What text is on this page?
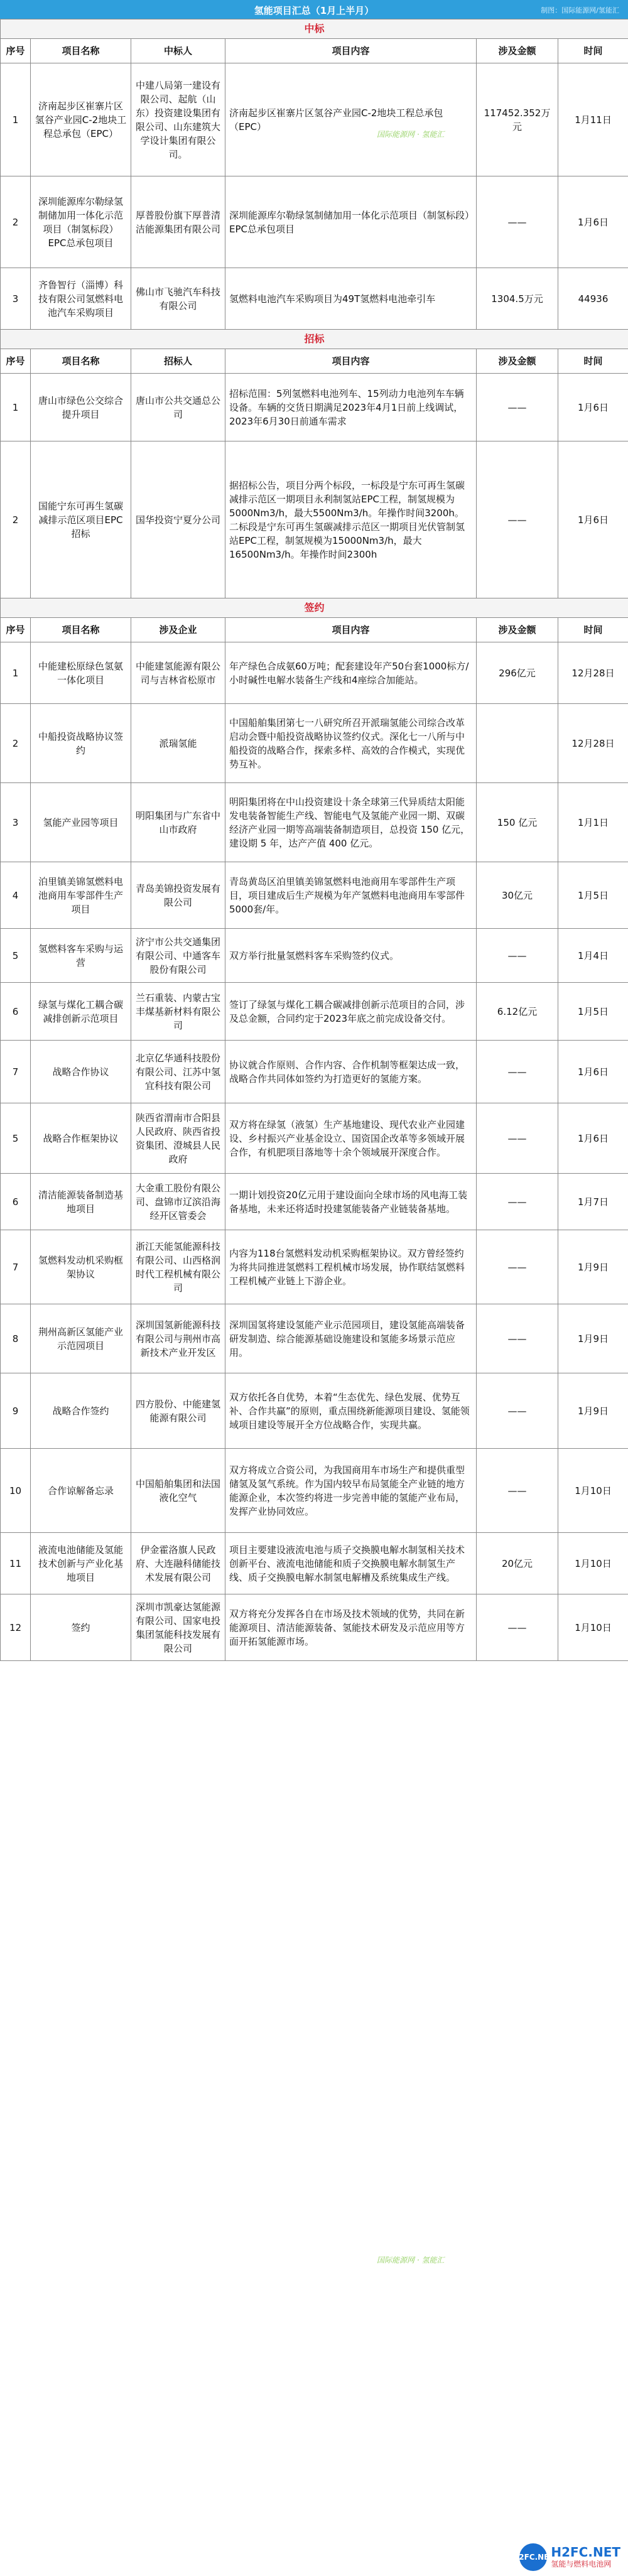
氢能项目汇总（1月上半月）	制图：国际能源网/氢能汇
中标					
序号	项目名称	中标人	项目内容	涉及金额	时间
1	济南起步区崔寨片区氢谷产业园C-2地块工程总承包（EPC）	中建八局第一建设有限公司、起航（山东）投资建设集团有限公司、山东建筑大学设计集团有限公司。	济南起步区崔寨片区氢谷产业园C-2地块工程总承包（EPC）	117452.352万元	1月11日
2	深圳能源库尔勒绿氢制储加用一体化示范项目（制氢标段）EPC总承包项目	厚普股份旗下厚普清洁能源集团有限公司	深圳能源库尔勒绿氢制储加用一体化示范项目（制氢标段）EPC总承包项目	——	1月6日
3	齐鲁智行（淄博）科技有限公司氢燃料电池汽车采购项目	佛山市飞驰汽车科技有限公司	氢燃料电池汽车采购项目为49T氢燃料电池牵引车	1304.5万元	44936
招标					
序号	项目名称	招标人	项目内容	涉及金额	时间
1	唐山市绿色公交综合提升项目	唐山市公共交通总公司	招标范围：5列氢燃料电池列车、15列动力电池列车车辆设备。车辆的交货日期满足2023年4月1日前上线调试，2023年6月30日前通车需求	——	1月6日
2	国能宁东可再生氢碳减排示范区项目EPC招标	国华投资宁夏分公司	据招标公告，项目分两个标段，一标段是宁东可再生氢碳减排示范区一期项目永利制氢站EPC工程，制氢规模为5000Nm3/h，最大5500Nm3/h。年操作时间3200h。二标段是宁东可再生氢碳减排示范区一期项目光伏管制氢站EPC工程，制氢规模为15000Nm3/h，最大16500Nm3/h。年操作时间2300h	——	1月6日
签约					
序号	项目名称	涉及企业	项目内容	涉及金额	时间
1	中能建松原绿色氢氨一体化项目	中能建氢能源有限公司与吉林省松原市	年产绿色合成氨60万吨；配套建设年产50台套1000标方/小时碱性电解水装备生产线和4座综合加能站。	296亿元	12月28日
2	中船投资战略协议签约	派瑞氢能	中国船舶集团第七一八研究所召开派瑞氢能公司综合改革启动会暨中船投资战略协议签约仪式。深化七一八所与中船投资的战略合作，探索多样、高效的合作模式，实现优势互补。		12月28日
3	氢能产业园等项目	明阳集团与广东省中山市政府	明阳集团将在中山投资建设十条全球第三代异质结太阳能发电装备智能生产线、智能电气及氢能产业园一期、双碳经济产业园一期等高端装备制造项目，总投资 150 亿元，建设期 5 年，达产产值 400 亿元。	150 亿元	1月1日
4	泊里镇美锦氢燃料电池商用车零部件生产项目	青岛美锦投资发展有限公司	青岛黄岛区泊里镇美锦氢燃料电池商用车零部件生产项目，项目建成后生产规模为年产氢燃料电池商用车零部件5000套/年。	30亿元	1月5日
5	氢燃料客车采购与运营	济宁市公共交通集团有限公司、中通客车股份有限公司	双方举行批量氢燃料客车采购签约仪式。	——	1月4日
6	绿氢与煤化工耦合碳减排创新示范项目	兰石重装、内蒙古宝丰煤基新材料有限公司	签订了绿氢与煤化工耦合碳减排创新示范项目的合同，涉及总金额，合同约定于2023年底之前完成设备交付。	6.12亿元	1月5日
7	战略合作协议	北京亿华通科技股份有限公司、江苏中氢宜科技有限公司	协议就合作原则、合作内容、合作机制等框架达成一致，战略合作共同体如签约为打造更好的氢能方案。	——	1月6日
5	战略合作框架协议	陕西省渭南市合阳县人民政府、陕西省投资集团、澄城县人民政府	双方将在绿氢（液氢）生产基地建设、现代农业产业园建设、乡村振兴产业基金设立、国资国企改革等多领域开展合作，有机肥项目落地等十余个领域展开深度合作。	——	1月6日
6	清洁能源装备制造基地项目	大金重工股份有限公司、盘锦市辽滨沿海经开区管委会	一期计划投资20亿元用于建设面向全球市场的风电海工装备基地，未来还将适时投建氢能装备产业链装备基地。	——	1月7日
7	氢燃料发动机采购框架协议	浙江天能氢能源科技有限公司、山西格润时代工程机械有限公司	内容为118台氢燃料发动机采购框架协议。双方曾经签约为将共同推进氢燃料工程机械市场发展，协作联结氢燃料工程机械产业链上下游企业。	——	1月9日
8	荆州高新区氢能产业示范园项目	深圳国氢新能源科技有限公司与荆州市高新技术产业开发区	深圳国氢将建设氢能产业示范园项目，建设氢能高端装备研发制造、综合能源基础设施建设和氢能多场景示范应用。	——	1月9日
9	战略合作签约	四方股份、中能建氢能源有限公司	双方依托各自优势，本着“生态优先、绿色发展、优势互补、合作共赢”的原则，重点围绕新能源项目建设、氢能领域项目建设等展开全方位战略合作，实现共赢。	——	1月9日
10	合作谅解备忘录	中国船舶集团和法国液化空气	双方将成立合资公司，为我国商用车市场生产和提供重型储氢及氢气系统。作为国内较早布局氢能全产业链的地方能源企业，本次签约将进一步完善申能的氢能产业布局，发挥产业协同效应。	——	1月10日
11	液流电池储能及氢能技术创新与产业化基地项目	伊金霍洛旗人民政府、大连融科储能技术发展有限公司	项目主要建设液流电池与质子交换膜电解水制氢相关技术创新平台、液流电池储能和质子交换膜电解水制氢生产线、质子交换膜电解水制氢电解槽及系统集成生产线。	20亿元	1月10日
12	签约	深圳市凯豪达氢能源有限公司、国家电投集团氢能科技发展有限公司	双方将充分发挥各自在市场及技术领域的优势，共同在新能源项目、清洁能源装备、氢能技术研发及示范应用等方面开拓氢能源市场。	——	1月10日
国际能源网 · 氢能汇
国际能源网 · 氢能汇
H2FC.NET
H2FC.NET
氢能与燃料电池网
